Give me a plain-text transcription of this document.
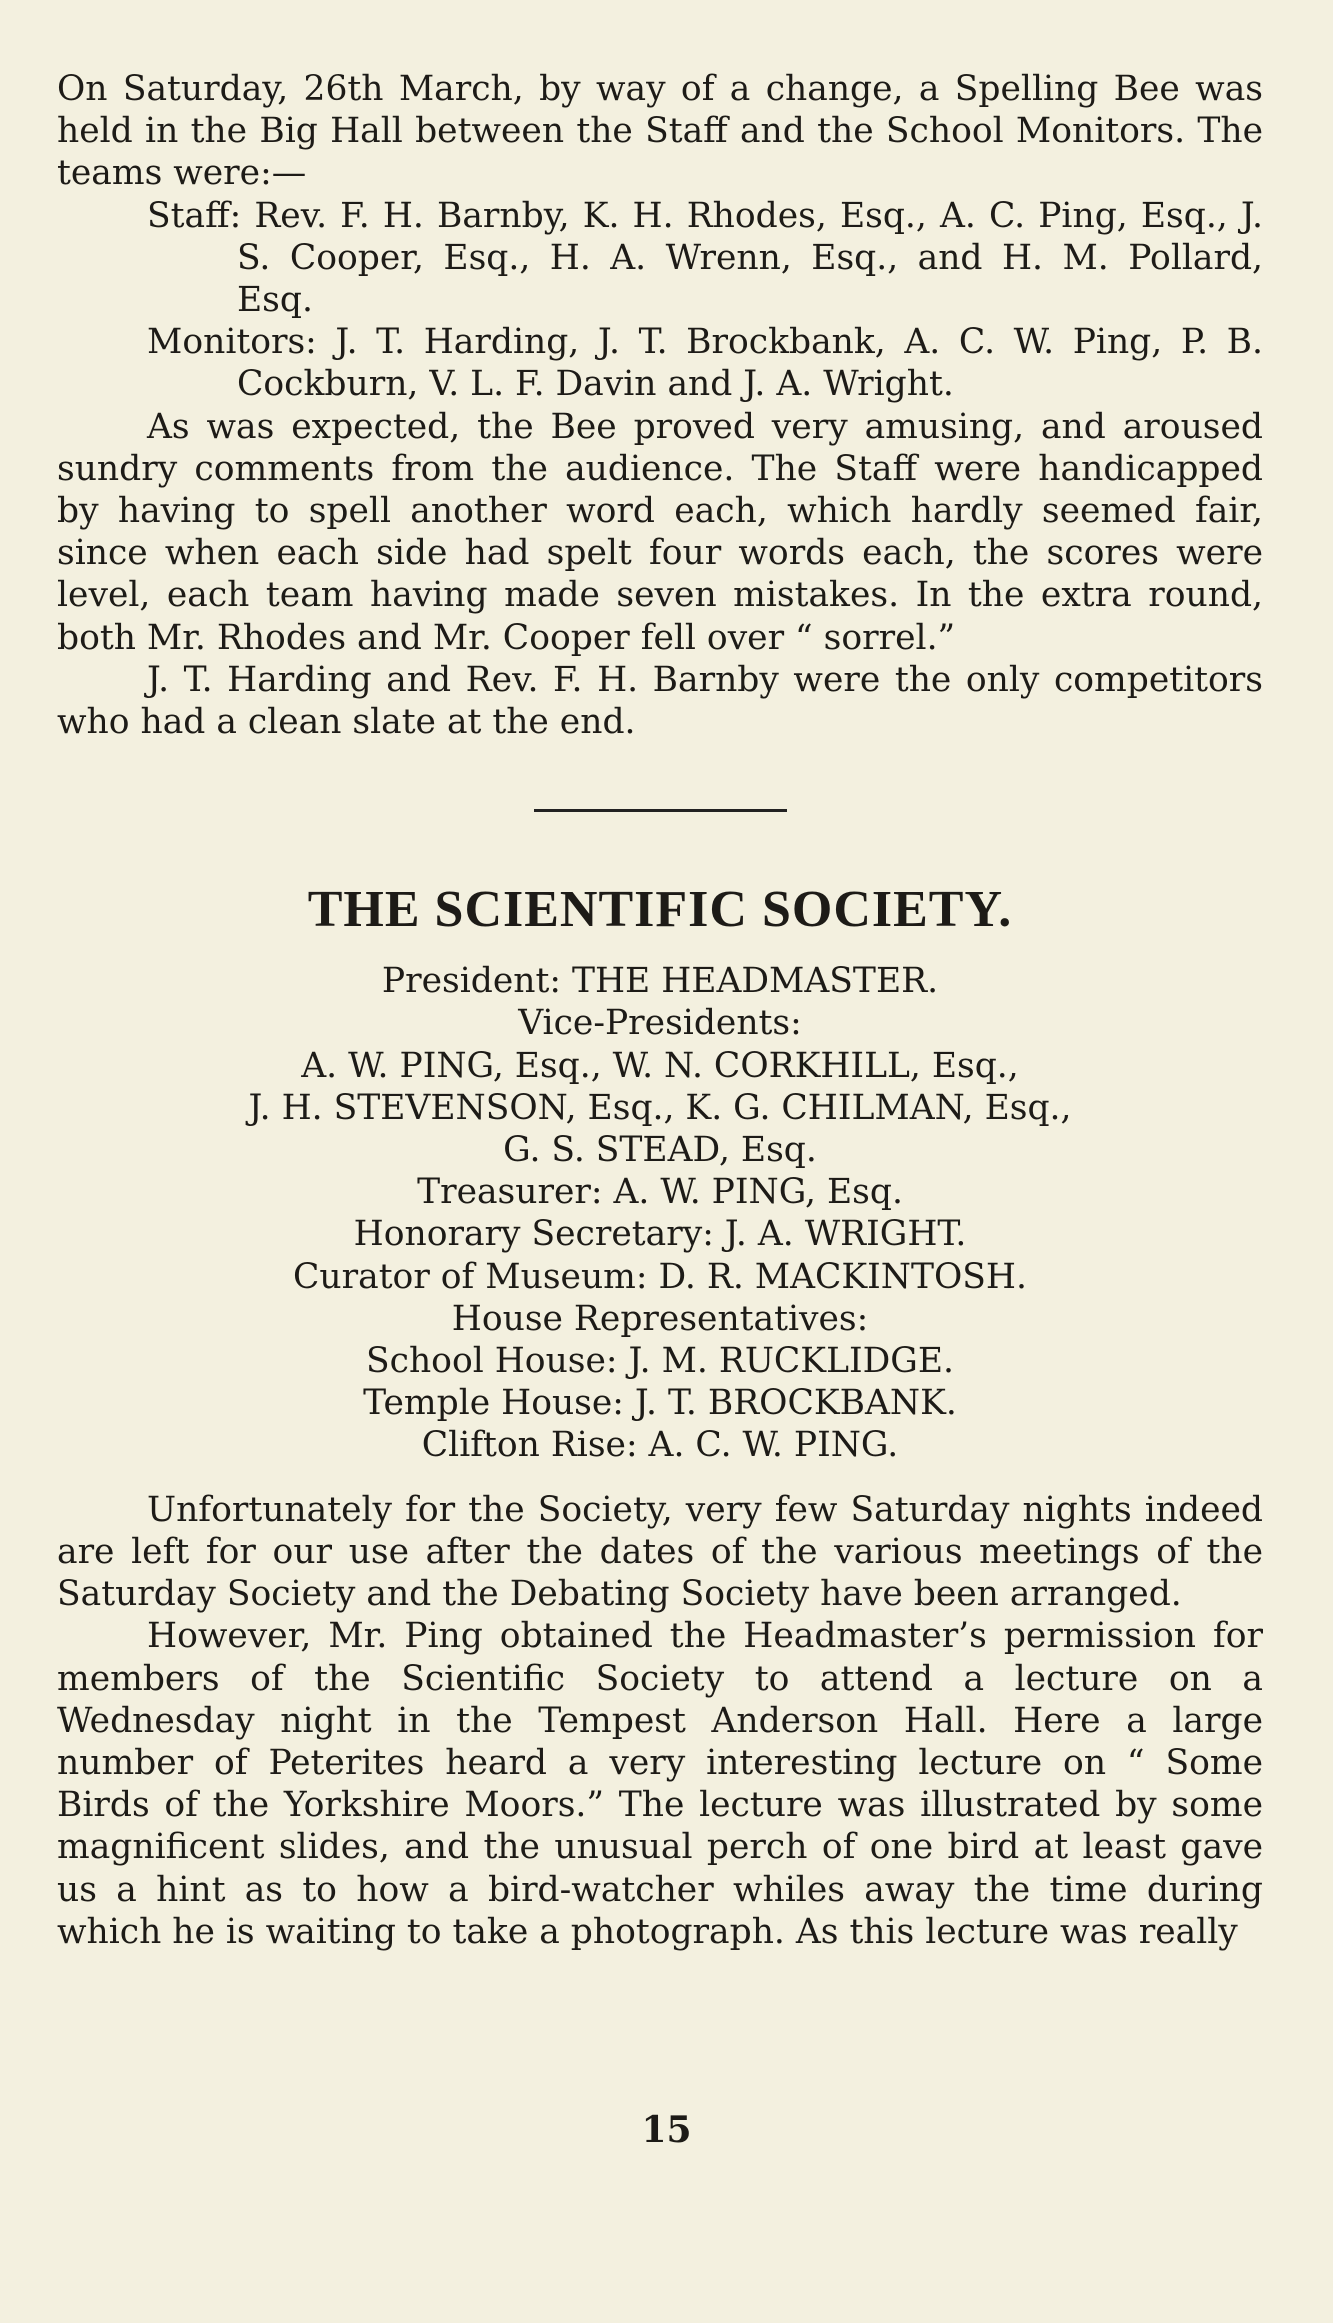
On Saturday, 26th March, by way of a change, a Spelling Bee was held in the Big Hall between the Staff and the School Monitors. The teams were:—

Staff: Rev. F. H. Barnby, K. H. Rhodes, Esq., A. C. Ping, Esq., J. S. Cooper, Esq., H. A. Wrenn, Esq., and H. M. Pollard, Esq.

Monitors: J. T. Harding, J. T. Brockbank, A. C. W. Ping, P. B. Cockburn, V. L. F. Davin and J. A. Wright.

As was expected, the Bee proved very amusing, and aroused sundry comments from the audience. The Staff were handicapped by having to spell another word each, which hardly seemed fair, since when each side had spelt four words each, the scores were level, each team having made seven mistakes. In the extra round, both Mr. Rhodes and Mr. Cooper fell over “ sorrel.”

J. T. Harding and Rev. F. H. Barnby were the only competitors who had a clean slate at the end.

THE SCIENTIFIC SOCIETY.
President: THE HEADMASTER.
Vice-Presidents:
A. W. PING, Esq., W. N. CORKHILL, Esq.,
J. H. STEVENSON, Esq., K. G. CHILMAN, Esq.,
G. S. STEAD, Esq.
Treasurer: A. W. PING, Esq.
Honorary Secretary: J. A. WRIGHT.
Curator of Museum: D. R. MACKINTOSH.
House Representatives:
School House: J. M. RUCKLIDGE.
Temple House: J. T. BROCKBANK.
Clifton Rise: A. C. W. PING.

Unfortunately for the Society, very few Saturday nights indeed are left for our use after the dates of the various meetings of the Saturday Society and the Debating Society have been arranged.

However, Mr. Ping obtained the Headmaster’s permission for members of the Scientific Society to attend a lecture on a Wednesday night in the Tempest Anderson Hall. Here a large number of Peterites heard a very interesting lecture on “ Some Birds of the Yorkshire Moors.” The lecture was illustrated by some magnificent slides, and the unusual perch of one bird at least gave us a hint as to how a bird-watcher whiles away the time during which he is waiting to take a photograph. As this lecture was really

15
